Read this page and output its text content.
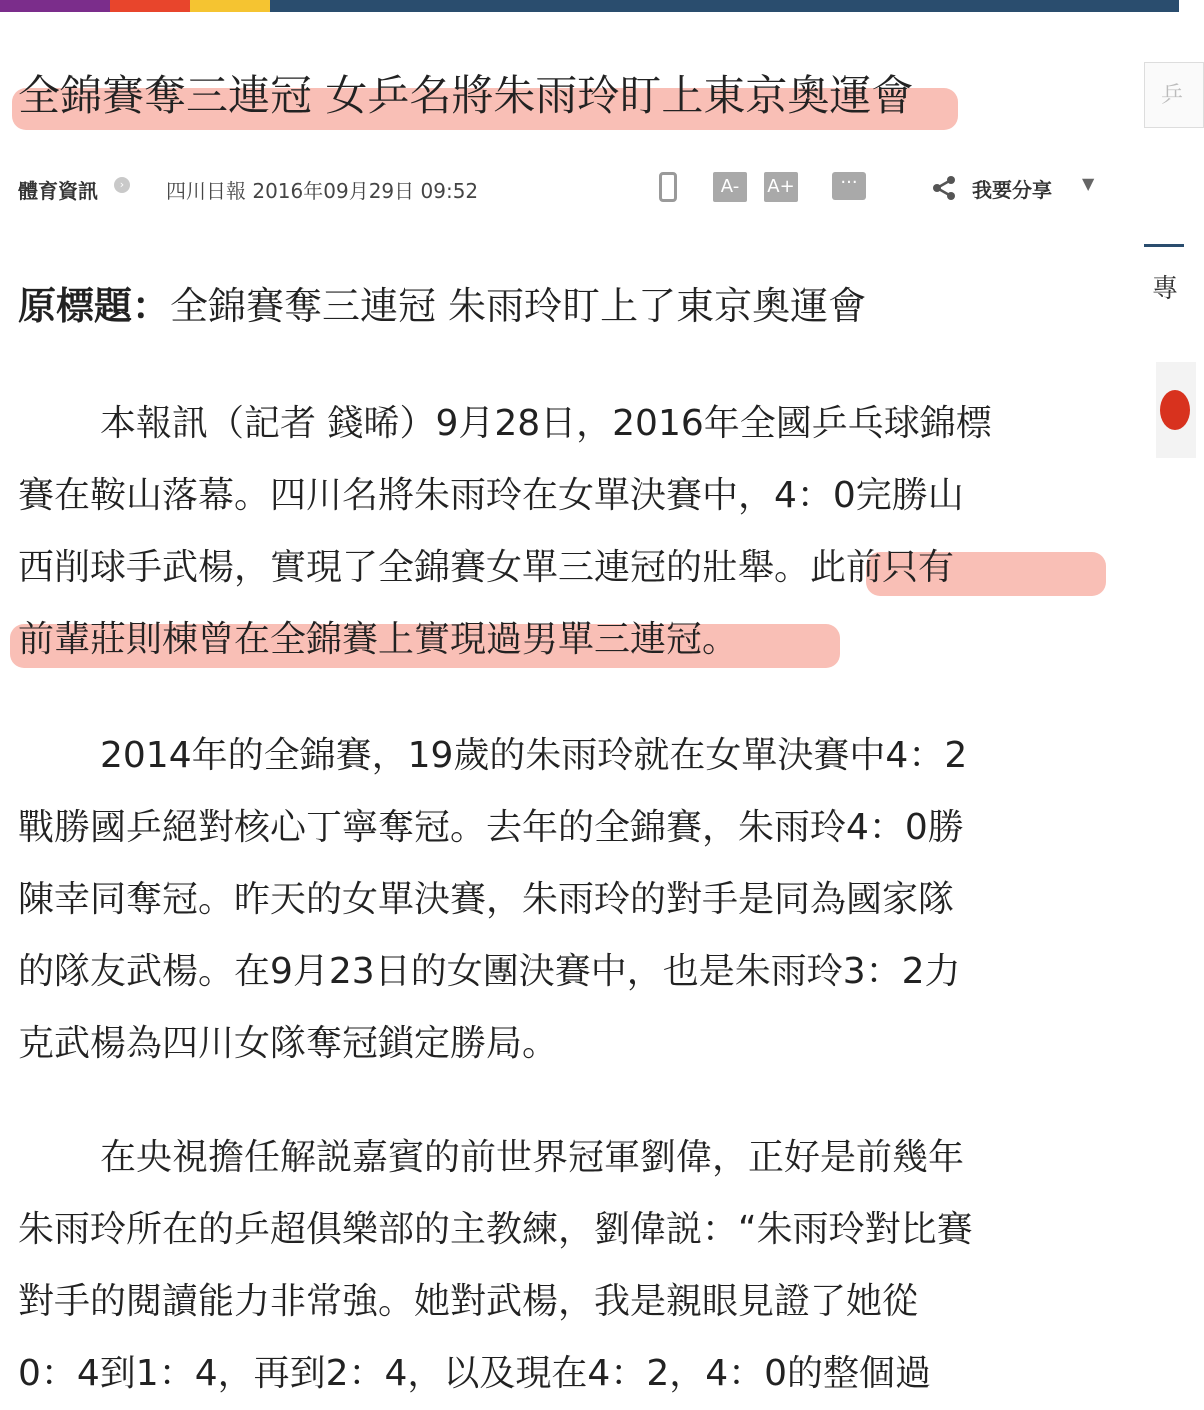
全錦賽奪三連冠 女乒名將朱雨玲盯上東京奧運會
體育資訊	› 四川日報 2016年09月29日 09:52	A-	A+	···	我要分享 ▼
原標題：全錦賽奪三連冠 朱雨玲盯上了東京奧運會
本報訊（記者 錢晞）9月28日，2016年全國乒乓球錦標
賽在鞍山落幕。四川名將朱雨玲在女單決賽中，4：0完勝山
西削球手武楊，實現了全錦賽女單三連冠的壯舉。此前只有
前輩莊則棟曾在全錦賽上實現過男單三連冠。
2014年的全錦賽，19歲的朱雨玲就在女單決賽中4：2
戰勝國乒絕對核心丁寧奪冠。去年的全錦賽，朱雨玲4：0勝
陳幸同奪冠。昨天的女單決賽，朱雨玲的對手是同為國家隊
的隊友武楊。在9月23日的女團決賽中，也是朱雨玲3：2力
克武楊為四川女隊奪冠鎖定勝局。
在央視擔任解説嘉賓的前世界冠軍劉偉，正好是前幾年
朱雨玲所在的乒超俱樂部的主教練，劉偉説：“朱雨玲對比賽
對手的閱讀能力非常強。她對武楊，我是親眼見證了她從
0：4到1：4，再到2：4，以及現在4：2，4：0的整個過
乒
專
